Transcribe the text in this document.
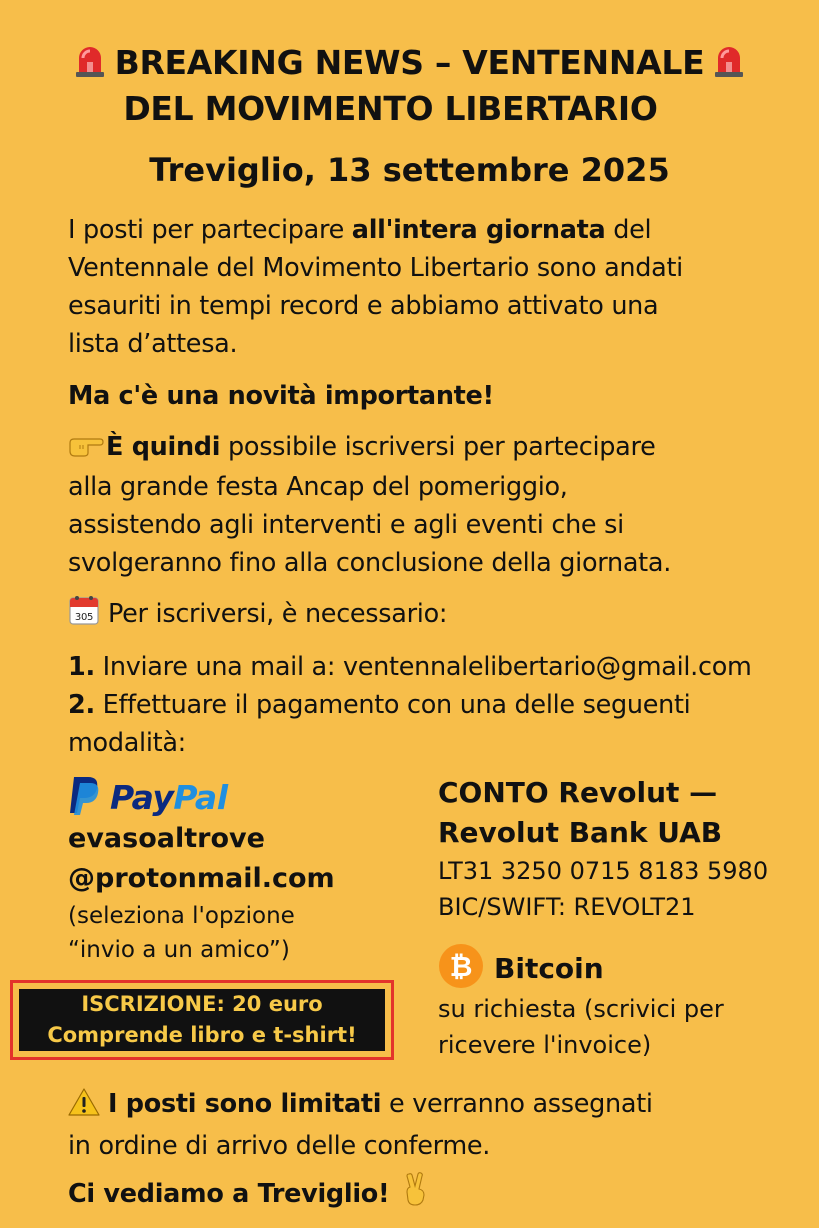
BREAKING NEWS – VENTENNALE
DEL MOVIMENTO LIBERTARIO
Treviglio, 13 settembre 2025
I posti per partecipare all'intera giornata del
Ventennale del Movimento Libertario sono andati
esauriti in tempi record e abbiamo attivato una
lista d’attesa.
Ma c'è una novità importante!
È quindi possibile iscriversi per partecipare
alla grande festa Ancap del pomeriggio,
assistendo agli interventi e agli eventi che si
svolgeranno fino alla conclusione della giornata.
305 Per iscriversi, è necessario:
1. Inviare una mail a: ventennalelibertario@gmail.com
2. Effettuare il pagamento con una delle seguenti
modalità:
PayPal
evasoaltrove
@protonmail.com
(seleziona l'opzione
“invio a un amico”)
CONTO Revolut —
Revolut Bank UAB
LT31 3250 0715 8183 5980
BIC/SWIFT: REVOLT21
₿ Bitcoin
su richiesta (scrivici per
ricevere l'invoice)
ISCRIZIONE: 20 euro
Comprende libro e t-shirt!
I posti sono limitati e verranno assegnati
in ordine di arrivo delle conferme.
Ci vediamo a Treviglio!
